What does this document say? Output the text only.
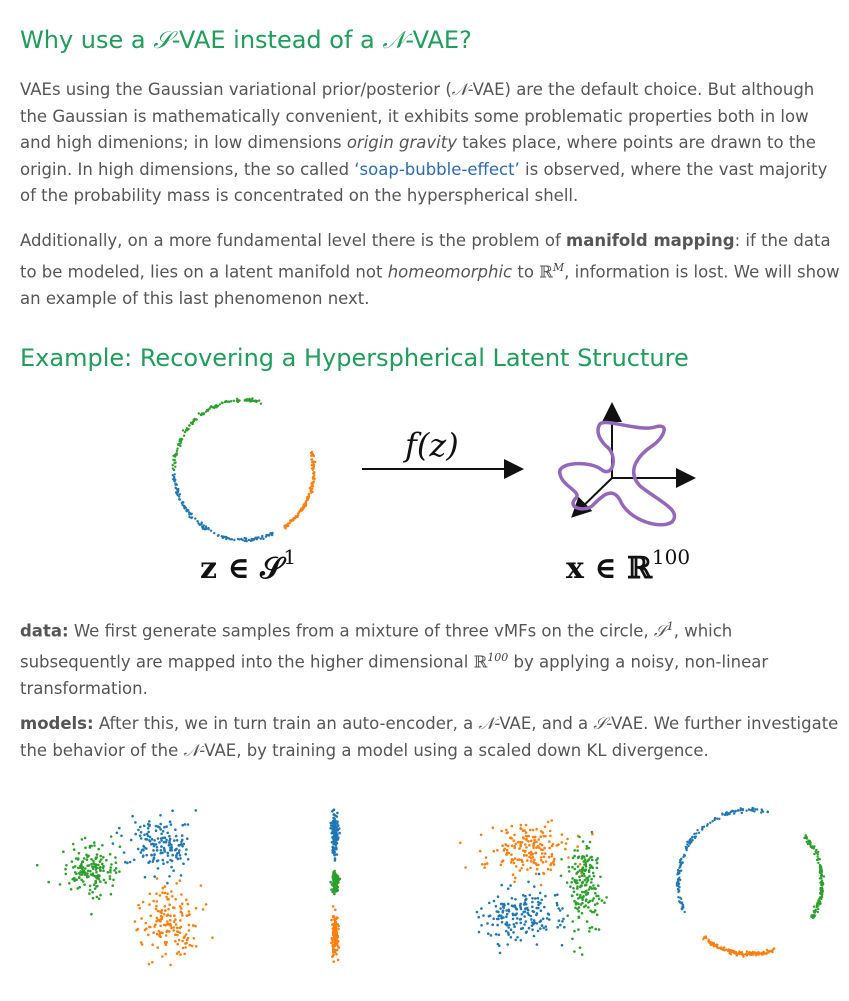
Why use a 𝒮-VAE instead of a 𝒩-VAE?

VAEs using the Gaussian variational prior/posterior (𝒩-VAE) are the default choice. But although the Gaussian is mathematically convenient, it exhibits some problematic properties both in low and high dimenions; in low dimensions origin gravity takes place, where points are drawn to the origin. In high dimensions, the so called ‘soap-bubble-effect’ is observed, where the vast majority of the probability mass is concentrated on the hyperspherical shell.

Additionally, on a more fundamental level there is the problem of manifold mapping: if the data to be modeled, lies on a latent manifold not homeomorphic to ℝ$^M$, information is lost. We will show an example of this last phenomenon next.

Example: Recovering a Hyperspherical Latent Structure
z ∈ 𝒮$^1$
f(z)
x ∈ ℝ$^{100}$

data: We first generate samples from a mixture of three vMFs on the circle, 𝒮$^1$, which subsequently are mapped into the higher dimensional ℝ$^{100}$ by applying a noisy, non-linear transformation.

models: After this, we in turn train an auto-encoder, a 𝒩-VAE, and a 𝒮-VAE. We further investigate the behavior of the 𝒩-VAE, by training a model using a scaled down KL divergence.
